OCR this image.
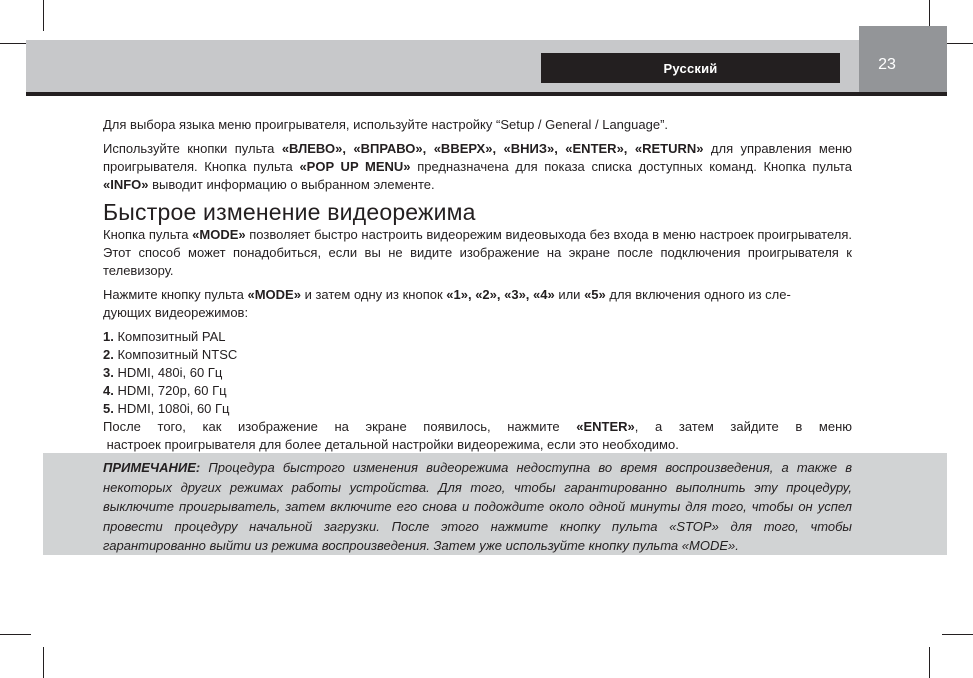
Русский	23

Для выбора языка меню проигрывателя, используйте настройку “Setup / General / Language”.

Используйте кнопки пульта «ВЛЕВО», «ВПРАВО», «ВВЕРХ», «ВНИЗ», «ENTER», «RETURN» для управления меню проигрывателя. Кнопка пульта «POP UP MENU» предназначена для показа списка доступных команд. Кнопка пульта «INFO» выводит информацию о выбранном элементе.

Быстрое изменение видеорежима

Кнопка пульта «MODE» позволяет быстро настроить видеорежим видеовыхода без входа в меню настроек проигрывателя. Этот способ может понадобиться, если вы не видите изображение на экране после подключения проигрывателя к телевизору.

Нажмите кнопку пульта «MODE» и затем одну из кнопок «1», «2», «3», «4» или «5» для включения одного из сле-
дующих видеорежимов:

1. Композитный PAL
2. Композитный NTSC
3. HDMI, 480i, 60 Гц
4. HDMI, 720p, 60 Гц
5. HDMI, 1080i, 60 Гц

После того, как изображение на экране появилось, нажмите «ENTER», а затем зайдите в меню

настроек проигрывателя для более детальной настройки видеорежима, если это необходимо.

ПРИМЕЧАНИЕ: Процедура быстрого изменения видеорежима недоступна во время воспроизведения, а также в некоторых других режимах работы устройства. Для того, чтобы гарантированно выполнить эту процедуру, выключите проигрыватель, затем включите его снова и подождите около одной минуты для того, чтобы он успел провести процедуру начальной загрузки. После этого нажмите кнопку пульта «STOP» для того, чтобы гарантированно выйти из режима воспроизведения. Затем уже используйте кнопку пульта «MODE».
